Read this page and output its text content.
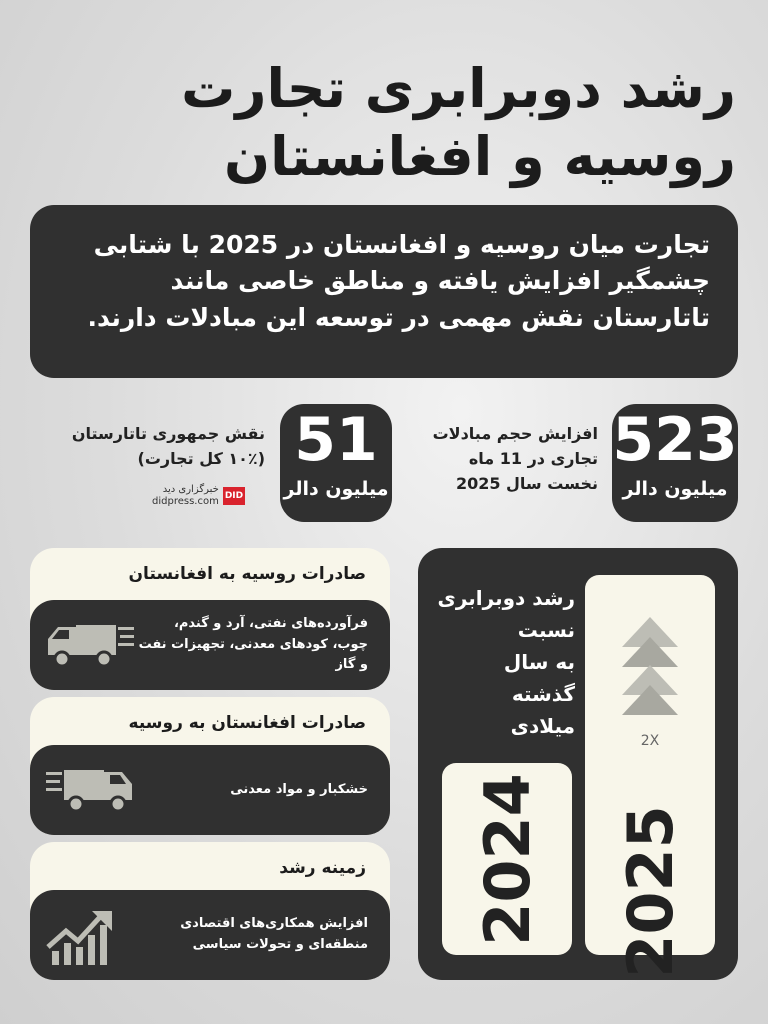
رشد دوبرابری تجارت
روسیه و افغانستان
تجارت میان روسیه و افغانستان در 2025 با شتابی چشمگیر افزایش یافته و مناطق خاصی مانند تاتارستان نقش مهمی در توسعه این مبادلات دارند.
523
میلیون دالر
افزایش حجم مبادلات
تجاری در 11 ماه
نخست سال 2025
51
میلیون دالر
نقش جمهوری تاتارستان
(۱۰٪ کل تجارت)
خبرگزاری دید
didpress.com DID
صادرات روسیه به افغانستان

فرآورده‌های نفتی، آرد و گندم، چوب، کودهای معدنی، تجهیزات نفت و گاز

صادرات افغانستان به روسیه

خشکبار و مواد معدنی

زمینه رشد

افزایش همکاری‌های اقتصادی منطقه‌ای و تحولات سیاسی

2X
2025
رشد دوبرابری
نسبت
به سال
گذشته
میلادی
2024
